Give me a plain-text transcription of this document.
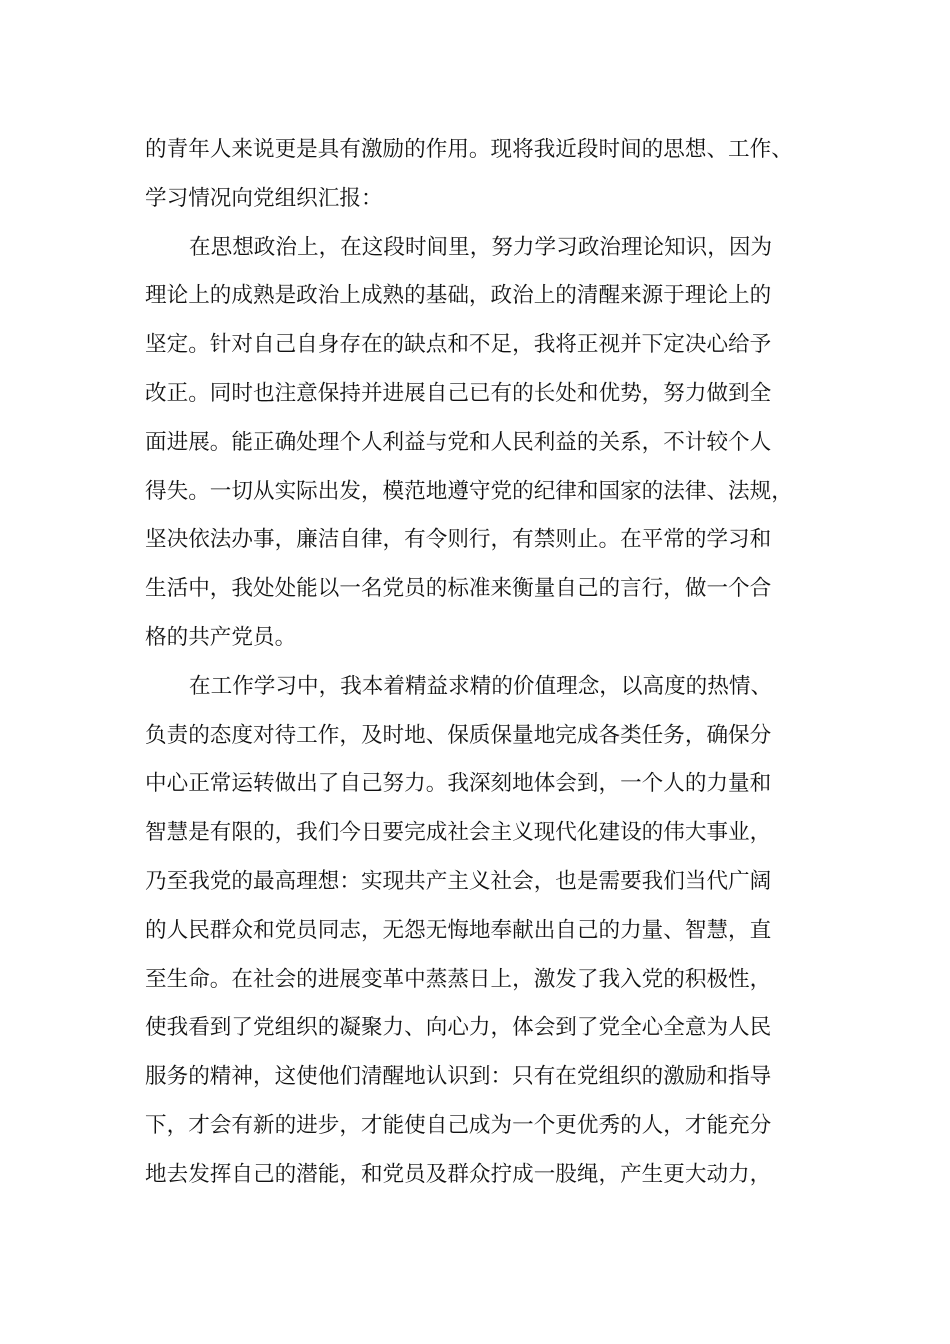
的青年人来说更是具有激励的作用。现将我近段时间的思想、工作、
学习情况向党组织汇报：
在思想政治上，在这段时间里，努力学习政治理论知识，因为
理论上的成熟是政治上成熟的基础，政治上的清醒来源于理论上的
坚定。针对自己自身存在的缺点和不足，我将正视并下定决心给予
改正。同时也注意保持并进展自己已有的长处和优势，努力做到全
面进展。能正确处理个人利益与党和人民利益的关系，不计较个人
得失。一切从实际出发，模范地遵守党的纪律和国家的法律、法规，
坚决依法办事，廉洁自律，有令则行，有禁则止。在平常的学习和
生活中，我处处能以一名党员的标准来衡量自己的言行，做一个合
格的共产党员。
在工作学习中，我本着精益求精的价值理念，以高度的热情、
负责的态度对待工作，及时地、保质保量地完成各类任务，确保分
中心正常运转做出了自己努力。我深刻地体会到，一个人的力量和
智慧是有限的，我们今日要完成社会主义现代化建设的伟大事业，
乃至我党的最高理想：实现共产主义社会，也是需要我们当代广阔
的人民群众和党员同志，无怨无悔地奉献出自己的力量、智慧，直
至生命。在社会的进展变革中蒸蒸日上，激发了我入党的积极性，
使我看到了党组织的凝聚力、向心力，体会到了党全心全意为人民
服务的精神，这使他们清醒地认识到：只有在党组织的激励和指导
下，才会有新的进步，才能使自己成为一个更优秀的人，才能充分
地去发挥自己的潜能，和党员及群众拧成一股绳，产生更大动力，
